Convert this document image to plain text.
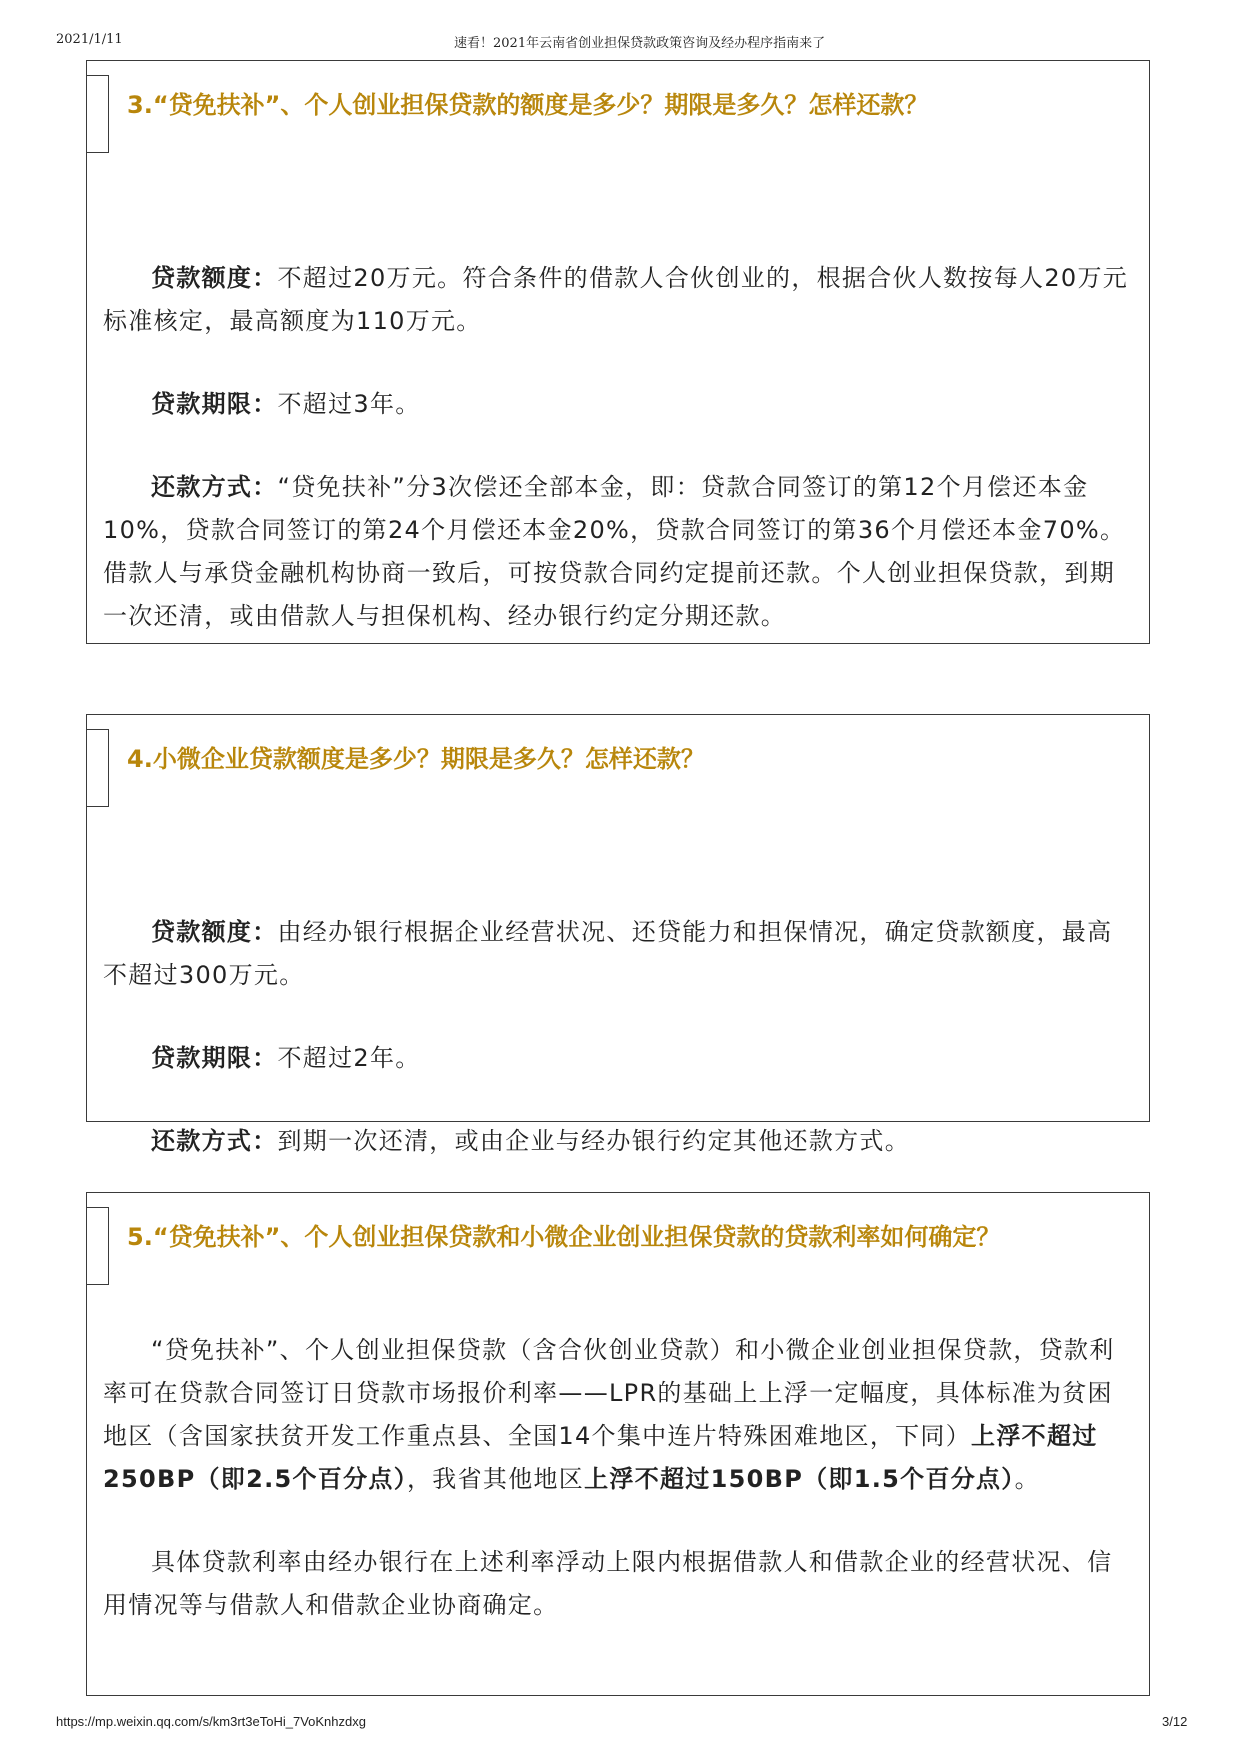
2021/1/11	速看！2021年云南省创业担保贷款政策咨询及经办程序指南来了
3.“贷免扶补”、个人创业担保贷款的额度是多少？期限是多久？怎样还款？

贷款额度：不超过20万元。符合条件的借款人合伙创业的，根据合伙人数按每人20万元标准核定，最高额度为110万元。

贷款期限：不超过3年。

还款方式：“贷免扶补”分3次偿还全部本金，即：贷款合同签订的第12个月偿还本金10%，贷款合同签订的第24个月偿还本金20%，贷款合同签订的第36个月偿还本金70%。借款人与承贷金融机构协商一致后，可按贷款合同约定提前还款。个人创业担保贷款，到期一次还清，或由借款人与担保机构、经办银行约定分期还款。

4.小微企业贷款额度是多少？期限是多久？怎样还款？

贷款额度：由经办银行根据企业经营状况、还贷能力和担保情况，确定贷款额度，最高不超过300万元。

贷款期限：不超过2年。

还款方式：到期一次还清，或由企业与经办银行约定其他还款方式。

5.“贷免扶补”、个人创业担保贷款和小微企业创业担保贷款的贷款利率如何确定？

“贷免扶补”、个人创业担保贷款（含合伙创业贷款）和小微企业创业担保贷款，贷款利率可在贷款合同签订日贷款市场报价利率——LPR的基础上上浮一定幅度，具体标准为贫困地区（含国家扶贫开发工作重点县、全国14个集中连片特殊困难地区，下同）上浮不超过250BP（即2.5个百分点），我省其他地区上浮不超过150BP（即1.5个百分点）。

具体贷款利率由经办银行在上述利率浮动上限内根据借款人和借款企业的经营状况、信用情况等与借款人和借款企业协商确定。

https://mp.weixin.qq.com/s/km3rt3eToHi_7VoKnhzdxg	3/12
